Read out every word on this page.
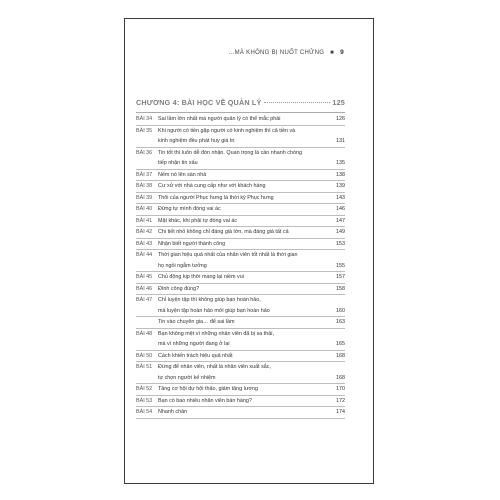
…MÀ KHÔNG BỊ NUỐT CHỬNG ■ 9
CHƯƠNG 4: BÀI HỌC VỀ QUẢN LÝ	125
BÀI 34	Sai lầm lớn nhất mà người quản lý có thể mắc phải	126
BÀI 35	Khi người có tiền gặp người có kinh nghiệm thì cả tiền và
kinh nghiệm đều phát huy giá trị	131
BÀI 36	Tin tốt thì luôn dễ đón nhận. Quan trọng là cần nhanh chóng
tiếp nhận tin xấu	135
BÀI 37	Nếm nó lên sàn nhà	138
BÀI 38	Cư xử với nhà cung cấp như với khách hàng	139
BÀI 39	Thôi của người Phục hưng là thời kỳ Phục hưng	143
BÀI 40	Đừng tự mình đóng vai ác	146
BÀI 41	Mặt khác, khi phải tự đóng vai ác	147
BÀI 42	Chi tiết nhỏ không chỉ đáng giá lớn, mà đáng giá tất cả	149
BÀI 43	Nhận biết người thành công	153
BÀI 44	Thời gian hiệu quả nhất của nhân viên tốt nhất là thời gian
họ ngồi ngẫm tưởng	155
BÀI 45	Chủ động kịp thời mang lại niềm vui	157
BÀI 46	Đình công đúng?	158
BÀI 47	Chỉ luyện tập thì không giúp bạn hoàn hảo,
mà luyện tập hoàn hảo mới giúp bạn hoàn hảo	160
Tin vào chuyên gia… để sai lầm	163
BÀI 48	Bạn không mệt vì những nhân viên đã bị sa thải,
mà vì những người đang ở lại	165
BÀI 50	Cách khiến trách hiệu quả nhất	168
BÀI 51	Đừng để nhân viên, nhất là nhân viên xuất sắc,
tự chọn người kế nhiệm	168
BÀI 52	Tăng cơ hội dự hội thảo, giảm tăng lương	170
BÀI 53	Bạn có bao nhiêu nhân viên bán hàng?	172
BÀI 54	Nhanh chân	174
